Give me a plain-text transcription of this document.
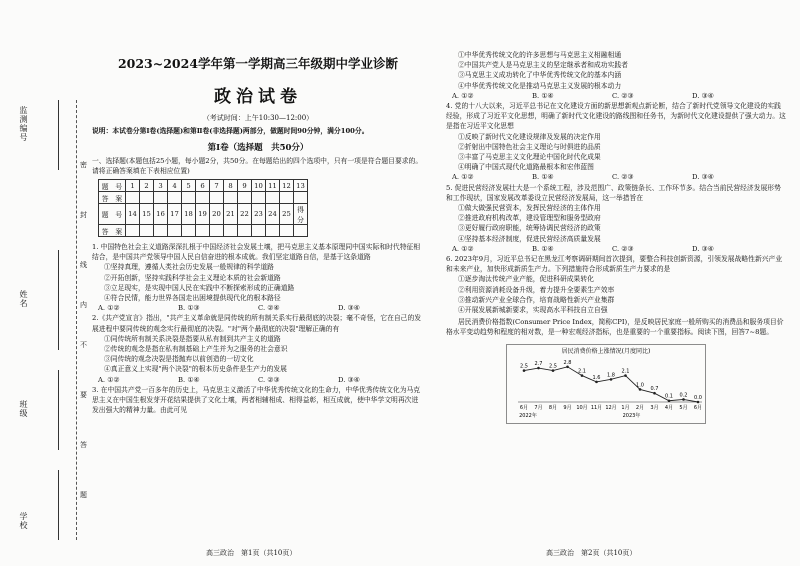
监测编号
姓名
班级
学校
密
封
线
内
不
要
答
题
2023~2024学年第一学期高三年级期中学业诊断
政治试卷
（考试时间：上午10:30—12:00）
说明：本试卷分第Ⅰ卷(选择题)和第Ⅱ卷(非选择题)两部分，做题时间90分钟，满分100分。
第Ⅰ卷（选择题　共50分）
一、选择题(本题包括25小题，每小题2分，共50分。在每题给出的四个选项中，只有一项是符合题目要求的。请将正确答案填在下表相应位置)
题　号	1	2	3	4	5	6	7	8	9	10	11	12	13
答　案													
题　号	14	15	16	17	18	19	20	21	22	23	24	25	得分
答　案													
1. 中国特色社会主义道路深深扎根于中国经济社会发展土壤，把马克思主义基本原理同中国实际和时代特征相结合，是中国共产党领导中国人民自信奋进的根本成就。我们坚定道路自信，是基于这条道路
①坚持真理，遵循人类社会历史发展一般规律的科学道路
②开拓创新，坚持实践科学社会主义理论本质的社会新道路
③立足现实，是实现中国人民在实践中不断探索形成的正确道路
④符合民情，能力世界各国走出困境提供现代化的根本路径
A. ①②	B. ①③	C. ②④	D. ③④
2.《共产党宣言》指出，"共产主义革命就是同传统的所有制关系实行最彻底的决裂；毫不奇怪，它在自己的发展进程中要同传统的观念实行最彻底的决裂。"对"两个最彻底的决裂"理解正确的有
①同传统所有制关系决裂是指要从私有制到共产主义的道路
②传统的观念是指在私有制基础上产生并为之服务的社会意识
③同传统的观念决裂是指抛弃以前创造的一切文化
④真正意义上实现"两个决裂"的根本历史条件是生产力的发展
A. ①②	B. ①④	C. ②③	D. ③④
3. 在中国共产党一百多年的历史上，马克思主义激活了中华优秀传统文化的生命力，中华优秀传统文化为马克思主义在中国生根发芽开花结果提供了文化土壤，两者相辅相成、相得益彰，相互成就，使中华学文明再次迸发出强大的精神力量。由此可见
①中华优秀传统文化的许多思想与马克思主义相融相通
②中国共产党人是马克思主义的坚定继承者和成功实践者
③马克思主义成功转化了中华优秀传统文化的基本内涵
④中华优秀传统文化是推动马克思主义发展的根本动力
A. ①②	B. ①④	C. ②③	D. ③④
4. 党的十八大以来，习近平总书记在文化建设方面的新思想新观点新论断，结合了新时代党领导文化建设的实践经验，形成了习近平文化思想，明确了新时代文化建设的路线图和任务书，为新时代文化建设提供了强大动力。这是指在习近平文化思想
①反映了新时代文化建设规律及发展的决定作用
②折射出中国特色社会主义理论与时俱进的品质
③丰富了马克思主义文化理论中国化时代化成果
④明确了中国式现代化道路最根本和宏伟蓝图
A. ①②	B. ①④	C. ②③	D. ③④
5. 促进民营经济发展壮大是一个系统工程，涉及范围广、政策链条长、工作环节多。结合当前民营经济发展形势和工作现状，国家发展改革委设立民营经济发展局，这一举措旨在
①做大做强民营资本，发挥民营经济的主体作用
②推进政府机构改革，建设管理型和服务型政府
③更好履行政府职能，统筹协调民营经济的政策
④坚持基本经济制度，促进民营经济高质量发展
A. ①②	B. ①④	C. ②③	D. ③④
6. 2023年9月，习近平总书记在黑龙江考察调研期间首次提到，要整合科技创新资源，引领发展战略性新兴产业和未来产业，加快形成新质生产力。下列措施符合形成新质生产力要求的是
①逐步淘汰传统产业产能，促进科研成果转化
②利用资源消耗设备升级，着力提升全要素生产效率
③推动新兴产业全球合作，培育战略性新兴产业集群
④开展发展新城新要求，实现高水平科技自立自强
居民消费价格指数(Consumer Price Index，简称CPI)，是反映居民家庭一般所购买的消费品和服务项目价格水平变动趋势和程度的相对数，是一种宏观经济指标，也是重要的一个重要指标。阅读下图，回答7~8题。
居民消费价格上涨情况(月度同比)
2.5
6月
2.7
7月
2.5
8月
2.8
9月
2.1
10月
1.6
11月
1.8
12月
2.1
1月
1.0
2月
0.7
3月
0.1
4月
0.2
5月
0.0
6月
2022年	2023年
高三政治　第1页（共10页）	高三政治　第2页（共10页）
